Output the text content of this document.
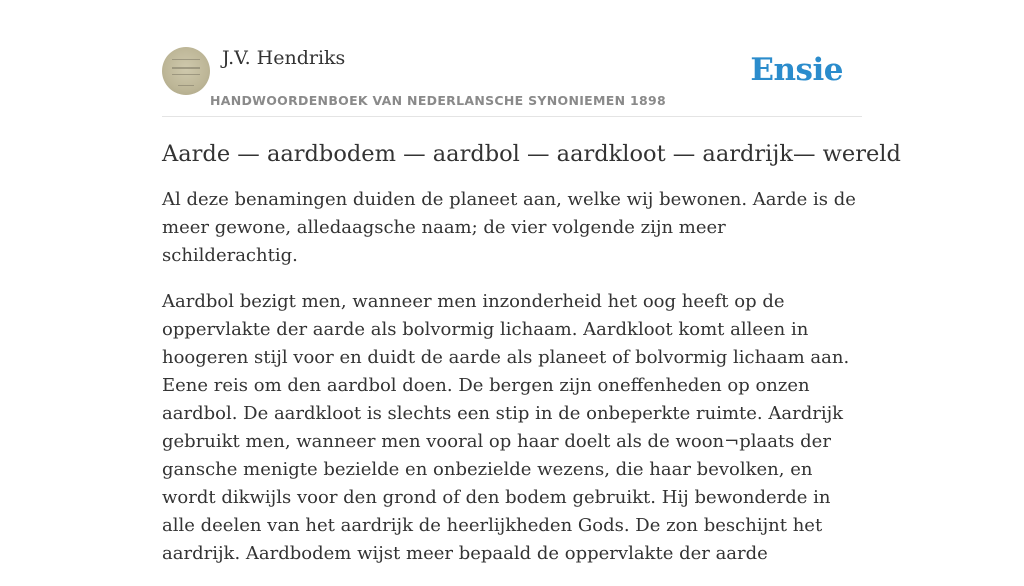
J.V. Hendriks
HANDWOORDENBOEK VAN NEDERLANSCHE SYNONIEMEN 1898
Ensie
Aarde — aardbodem — aardbol — aardkloot — aardrijk— wereld

Al deze benamingen duiden de planeet aan, welke wij bewonen. Aarde is de meer gewone, alledaagsche naam; de vier volgende zijn meer schilderachtig.

Aardbol bezigt men, wanneer men inzonderheid het oog heeft op de oppervlakte der aarde als bolvormig lichaam. Aardkloot komt alleen in hoogeren stijl voor en duidt de aarde als planeet of bolvormig lichaam aan. Eene reis om den aardbol doen. De bergen zijn oneffenheden op onzen aardbol. De aardkloot is slechts een stip in de onbeperkte ruimte. Aardrijk gebruikt men, wanneer men vooral op haar doelt als de woon¬plaats der gansche menigte bezielde en onbezielde wezens, die haar bevolken, en wordt dikwijls voor den grond of den bodem gebruikt. Hij bewonderde in alle deelen van het aardrijk de heerlijkheden Gods. De zon beschijnt het aardrijk. Aardbodem wijst meer bepaald de oppervlakte der aarde
